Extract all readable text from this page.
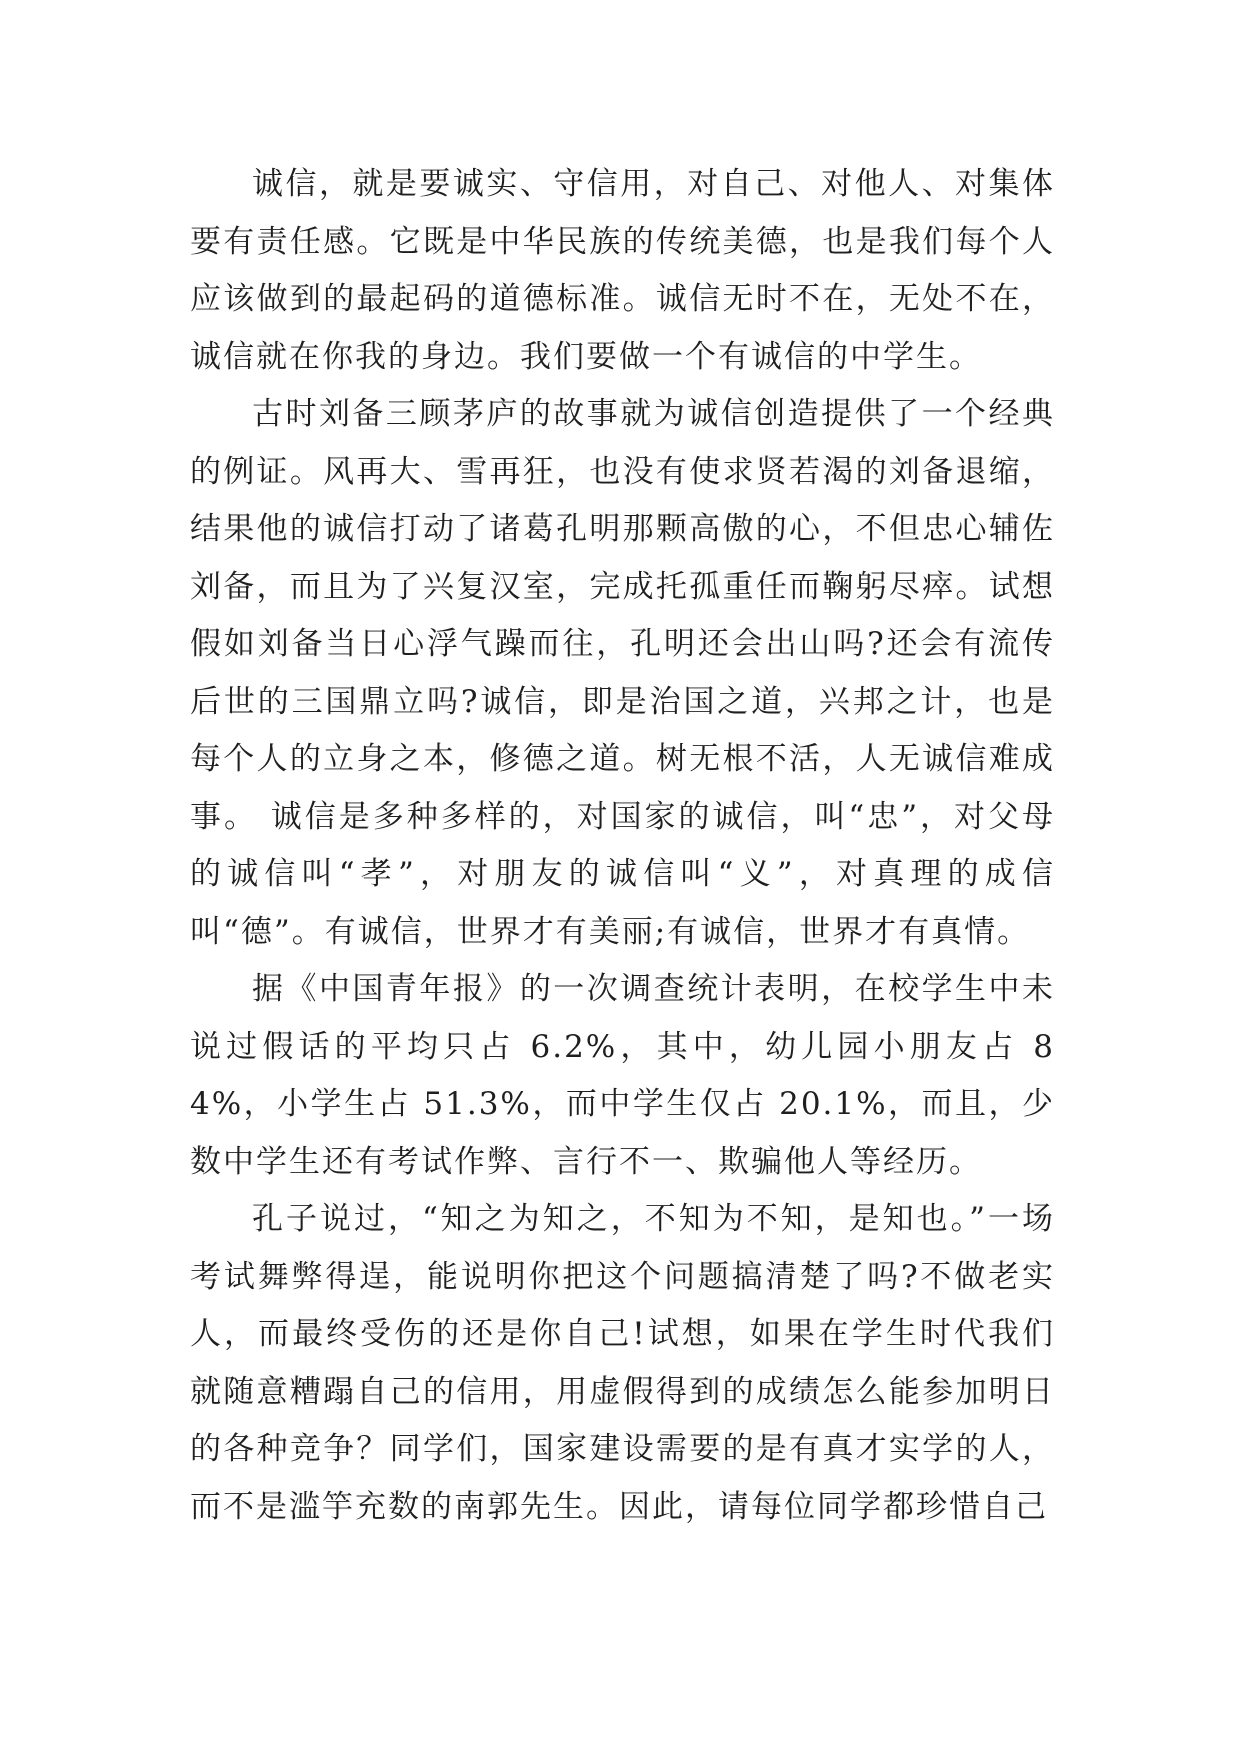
诚信，就是要诚实、守信用，对自己、对他人、对集体要有责任感。它既是中华民族的传统美德，也是我们每个人应该做到的最起码的道德标准。诚信无时不在，无处不在，诚信就在你我的身边。我们要做一个有诚信的中学生。

古时刘备三顾茅庐的故事就为诚信创造提供了一个经典的例证。风再大、雪再狂，也没有使求贤若渴的刘备退缩，结果他的诚信打动了诸葛孔明那颗高傲的心，不但忠心辅佐刘备，而且为了兴复汉室，完成托孤重任而鞠躬尽瘁。试想假如刘备当日心浮气躁而往，孔明还会出山吗?还会有流传后世的三国鼎立吗?诚信，即是治国之道，兴邦之计，也是每个人的立身之本，修德之道。树无根不活，人无诚信难成事。 诚信是多种多样的，对国家的诚信，叫“忠”，对父母的诚信叫“孝”，对朋友的诚信叫“义”，对真理的成信叫“德”。有诚信，世界才有美丽;有诚信，世界才有真情。

据《中国青年报》的一次调查统计表明，在校学生中未说过假话的平均只占 6.2%，其中，幼儿园小朋友占 84%，小学生占 51.3%，而中学生仅占 20.1%，而且，少数中学生还有考试作弊、言行不一、欺骗他人等经历。

孔子说过，“知之为知之，不知为不知，是知也。”一场考试舞弊得逞，能说明你把这个问题搞清楚了吗?不做老实人，而最终受伤的还是你自己!试想，如果在学生时代我们就随意糟蹋自己的信用，用虚假得到的成绩怎么能参加明日的各种竞争？同学们，国家建设需要的是有真才实学的人，而不是滥竽充数的南郭先生。因此，请每位同学都珍惜自己
